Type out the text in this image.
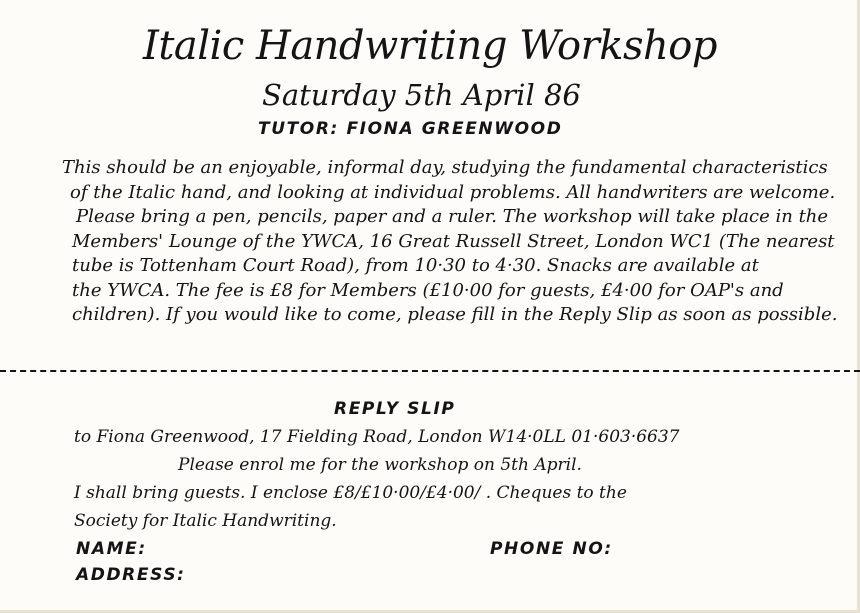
Italic Handwriting Workshop
Saturday 5th April 86
TUTOR: FIONA GREENWOOD
This should be an enjoyable, informal day, studying the fundamental characteristics
of the Italic hand, and looking at individual problems. All handwriters are welcome.
Please bring a pen, pencils, paper and a ruler. The workshop will take place in the
Members' Lounge of the YWCA, 16 Great Russell Street, London WC1 (The nearest
tube is Tottenham Court Road), from 10·30 to 4·30. Snacks are available at
the YWCA. The fee is £8 for Members (£10·00 for guests, £4·00 for OAP's and
children). If you would like to come, please fill in the Reply Slip as soon as possible.
REPLY SLIP
to Fiona Greenwood, 17 Fielding Road, London W14·0LL 01·603·6637
Please enrol me for the workshop on 5th April.
I shall bring guests. I enclose £8/£10·00/£4·00/ . Cheques to the
Society for Italic Handwriting.
NAME:	PHONE NO:
ADDRESS:
